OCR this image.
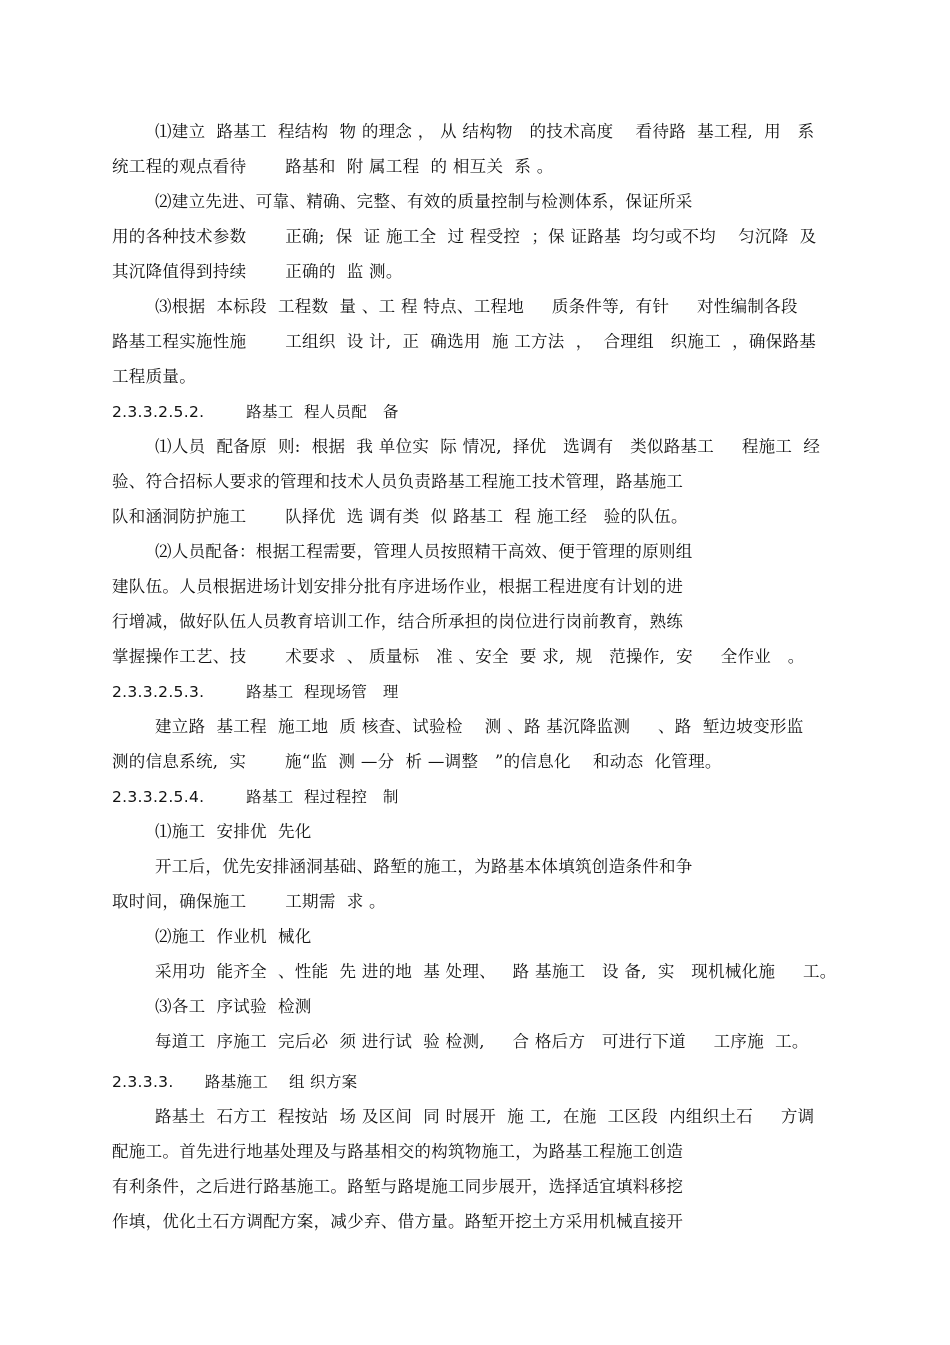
⑴建立  路基工  程结构  物 的理念 ， 从 结构物   的技术高度    看待路  基工程,  用   系
统工程的观点看待       路基和  附 属工程  的 相互关  系 。
⑵建立先进、可靠、精确、完整、有效的质量控制与检测体系，保证所采
用的各种技术参数       正确;  保  证 施工全  过 程受控  ；保 证路基  均匀或不均    匀沉降  及
其沉降值得到持续       正确的  监 测。
⑶根据  本标段  工程数  量 、工 程 特点、工程地     质条件等,  有针     对性编制各段
路基工程实施性施       工组织  设 计,  正  确选用  施 工方法  ，  合理组   织施工  ，确保路基
工程质量。
2.3.3.2.5.2.        路基工  程人员配   备
⑴人员  配备原  则:  根据  我 单位实  际 情况,  择优   选调有   类似路基工     程施工  经
验、符合招标人要求的管理和技术人员负责路基工程施工技术管理，路基施工
队和涵洞防护施工       队择优  选 调有类  似 路基工  程 施工经   验的队伍。
⑵人员配备：根据工程需要，管理人员按照精干高效、便于管理的原则组
建队伍。人员根据进场计划安排分批有序进场作业，根据工程进度有计划的进
行增减，做好队伍人员教育培训工作，结合所承担的岗位进行岗前教育，熟练
掌握操作工艺、技       术要求  、 质量标   准 、安全  要 求,  规   范操作,  安     全作业   。
2.3.3.2.5.3.        路基工  程现场管   理
建立路  基工程  施工地  质 核查、试验检    测 、路 基沉降监测     、路  堑边坡变形监
测的信息系统,  实       施“监  测 —分  析 —调整   ”的信息化    和动态  化管理。
2.3.3.2.5.4.        路基工  程过程控   制
⑴施工  安排优  先化
开工后，优先安排涵洞基础、路堑的施工，为路基本体填筑创造条件和争
取时间，确保施工       工期需  求 。
⑵施工  作业机  械化
采用功  能齐全  、性能  先 进的地  基 处理、   路 基施工   设 备,  实   现机械化施     工。
⑶各工  序试验  检测
每道工  序施工  完后必  须 进行试  验 检测,     合 格后方   可进行下道     工序施  工。
2.3.3.3.      路基施工    组 织方案
路基土  石方工  程按站  场 及区间  同 时展开  施 工,  在施  工区段  内组织土石     方调
配施工。首先进行地基处理及与路基相交的构筑物施工，为路基工程施工创造
有利条件，之后进行路基施工。路堑与路堤施工同步展开，选择适宜填料移挖
作填，优化土石方调配方案，减少弃、借方量。路堑开挖土方采用机械直接开
